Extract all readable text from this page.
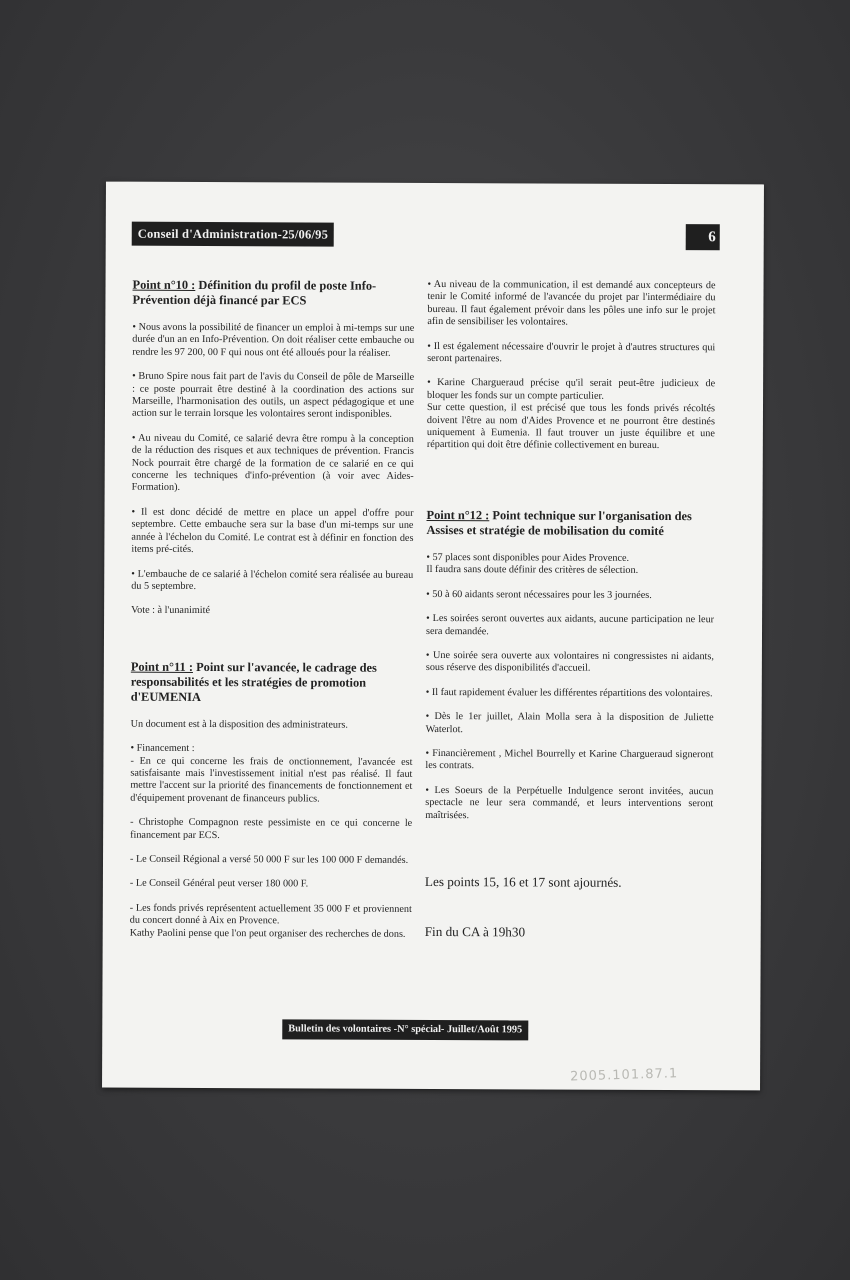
Conseil d'Administration-25/06/95	6
Point n°10 : Définition du profil de poste Info-Prévention déjà financé par ECS

• Nous avons la possibilité de financer un emploi à mi-temps sur une durée d'un an en Info-Prévention. On doit réaliser cette embauche ou rendre les 97 200, 00 F qui nous ont été alloués pour la réaliser.

• Bruno Spire nous fait part de l'avis du Conseil de pôle de Marseille : ce poste pourrait être destiné à la coordination des actions sur Marseille, l'harmonisation des outils, un aspect pédagogique et une action sur le terrain lorsque les volontaires seront indisponibles.

• Au niveau du Comité, ce salarié devra être rompu à la conception de la réduction des risques et aux techniques de prévention. Francis Nock pourrait être chargé de la formation de ce salarié en ce qui concerne les techniques d'info-prévention (à voir avec Aides-Formation).

• Il est donc décidé de mettre en place un appel d'offre pour septembre. Cette embauche sera sur la base d'un mi-temps sur une année à l'échelon du Comité. Le contrat est à définir en fonction des items pré-cités.

• L'embauche de ce salarié à l'échelon comité sera réalisée au bureau du 5 septembre.

Vote : à l'unanimité

Point n°11 : Point sur l'avancée, le cadrage des responsabilités et les stratégies de promotion d'EUMENIA

Un document est à la disposition des administrateurs.

• Financement :

- En ce qui concerne les frais de onctionnement, l'avancée est satisfaisante mais l'investissement initial n'est pas réalisé. Il faut mettre l'accent sur la priorité des financements de fonctionnement et d'équipement provenant de financeurs publics.

- Christophe Compagnon reste pessimiste en ce qui concerne le financement par ECS.

- Le Conseil Régional a versé 50 000 F sur les 100 000 F demandés.

- Le Conseil Général peut verser 180 000 F.

- Les fonds privés représentent actuellement 35 000 F et proviennent du concert donné à Aix en Provence.

Kathy Paolini pense que l'on peut organiser des recherches de dons.

• Au niveau de la communication, il est demandé aux concepteurs de tenir le Comité informé de l'avancée du projet par l'intermédiaire du bureau. Il faut également prévoir dans les pôles une info sur le projet afin de sensibiliser les volontaires.

• Il est également nécessaire d'ouvrir le projet à d'autres structures qui seront partenaires.

• Karine Chargueraud précise qu'il serait peut-être judicieux de bloquer les fonds sur un compte particulier.

Sur cette question, il est précisé que tous les fonds privés récoltés doivent l'être au nom d'Aides Provence et ne pourront être destinés uniquement à Eumenia. Il faut trouver un juste équilibre et une répartition qui doit être définie collectivement en bureau.

Point n°12 : Point technique sur l'organisation des Assises et stratégie de mobilisation du comité

• 57 places sont disponibles pour Aides Provence.

Il faudra sans doute définir des critères de sélection.

• 50 à 60 aidants seront nécessaires pour les 3 journées.

• Les soirées seront ouvertes aux aidants, aucune participation ne leur sera demandée.

• Une soirée sera ouverte aux volontaires ni congressistes ni aidants, sous réserve des disponibilités d'accueil.

• Il faut rapidement évaluer les différentes répartitions des volontaires.

• Dès le 1er juillet, Alain Molla sera à la disposition de Juliette Waterlot.

• Financièrement , Michel Bourrelly et Karine Chargueraud signeront les contrats.

• Les Soeurs de la Perpétuelle Indulgence seront invitées, aucun spectacle ne leur sera commandé, et leurs interventions seront maîtrisées.

Les points 15, 16 et 17 sont ajournés.

Fin du CA à 19h30

Bulletin des volontaires -N° spécial- Juillet/Août 1995
2005.101.87.1
